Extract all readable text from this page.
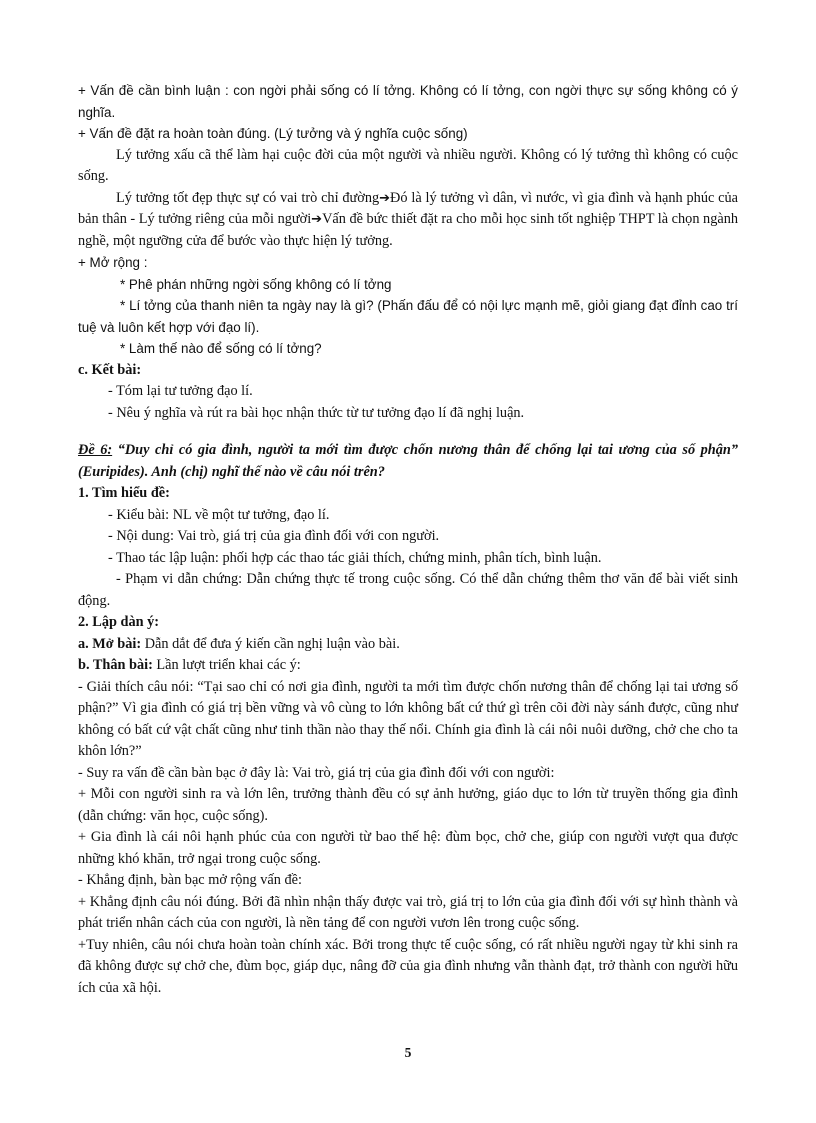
+ Vấn đề cần bình luận : con ngời phải sống có lí tởng. Không có lí tởng, con ngời thực sự sống không có ý nghĩa.

+ Vấn đề đặt ra hoàn toàn đúng. (Lý tưởng và ý nghĩa cuộc sống)

Lý tưởng xấu cã thể làm hại cuộc đời của một người và nhiều người. Không có lý tưởng thì không có cuộc sống.

Lý tưởng tốt đẹp thực sự có vai trò chỉ đường➔Đó là lý tưởng vì dân, vì nước, vì gia đình và hạnh phúc của bản thân - Lý tưởng riêng của mỗi người➔Vấn đề bức thiết đặt ra cho mỗi học sinh tốt nghiệp THPT là chọn ngành nghề, một ngưỡng cửa để bước vào thực hiện lý tưởng.

+ Mở rộng :

* Phê phán những ngời sống không có lí tởng

* Lí tởng của thanh niên ta ngày nay là gì? (Phấn đấu để có nội lực mạnh mẽ, giỏi giang đạt đỉnh cao trí tuệ và luôn kết hợp với đạo lí).

* Làm thế nào để sống có lí tởng?

c. Kết bài:

- Tóm lại tư tưởng đạo lí.

- Nêu ý nghĩa và rút ra bài học nhận thức từ tư tưởng đạo lí đã nghị luận.

Đề 6: “Duy chỉ có gia đình, người ta mới tìm được chốn nương thân để chống lại tai ương của số phận” (Euripides). Anh (chị) nghĩ thế nào về câu nói trên?

1. Tìm hiểu đề:

- Kiểu bài: NL về một tư tưởng, đạo lí.

- Nội dung: Vai trò, giá trị của gia đình đối với con người.

- Thao tác lập luận: phối hợp các thao tác giải thích, chứng minh, phân tích, bình luận.

- Phạm vi dẫn chứng: Dẫn chứng thực tế trong cuộc sống. Có thể dẫn chứng thêm thơ văn để bài viết sinh động.

2. Lập dàn ý:

a. Mở bài: Dẫn dắt để đưa ý kiến cần nghị luận vào bài.

b. Thân bài: Lần lượt triển khai các ý:

- Giải thích câu nói: “Tại sao chỉ có nơi gia đình, người ta mới tìm được chốn nương thân để chống lại tai ương số phận?” Vì gia đình có giá trị bền vững và vô cùng to lớn không bất cứ thứ gì trên cõi đời này sánh được, cũng như không có bất cứ vật chất cũng như tinh thần nào thay thế nổi. Chính gia đình là cái nôi nuôi dưỡng, chở che cho ta khôn lớn?”

- Suy ra vấn đề cần bàn bạc ở đây là: Vai trò, giá trị của gia đình đối với con người:

+ Mỗi con người sinh ra và lớn lên, trưởng thành đều có sự ảnh hưởng, giáo dục to lớn từ truyền thống gia đình (dẫn chứng: văn học, cuộc sống).

+ Gia đình là cái nôi hạnh phúc của con người từ bao thế hệ: đùm bọc, chở che, giúp con người vượt qua được những khó khăn, trở ngại trong cuộc sống.

- Khẳng định, bàn bạc mở rộng vấn đề:

+ Khẳng định câu nói đúng. Bởi đã nhìn nhận thấy được vai trò, giá trị to lớn của gia đình đối với sự hình thành và phát triển nhân cách của con người, là nền tảng để con người vươn lên trong cuộc sống.

+Tuy nhiên, câu nói chưa hoàn toàn chính xác. Bởi trong thực tế cuộc sống, có rất nhiều người ngay từ khi sinh ra đã không được sự chở che, đùm bọc, giáp dục, nâng đỡ của gia đình nhưng vẫn thành đạt, trở thành con người hữu ích của xã hội.

5
